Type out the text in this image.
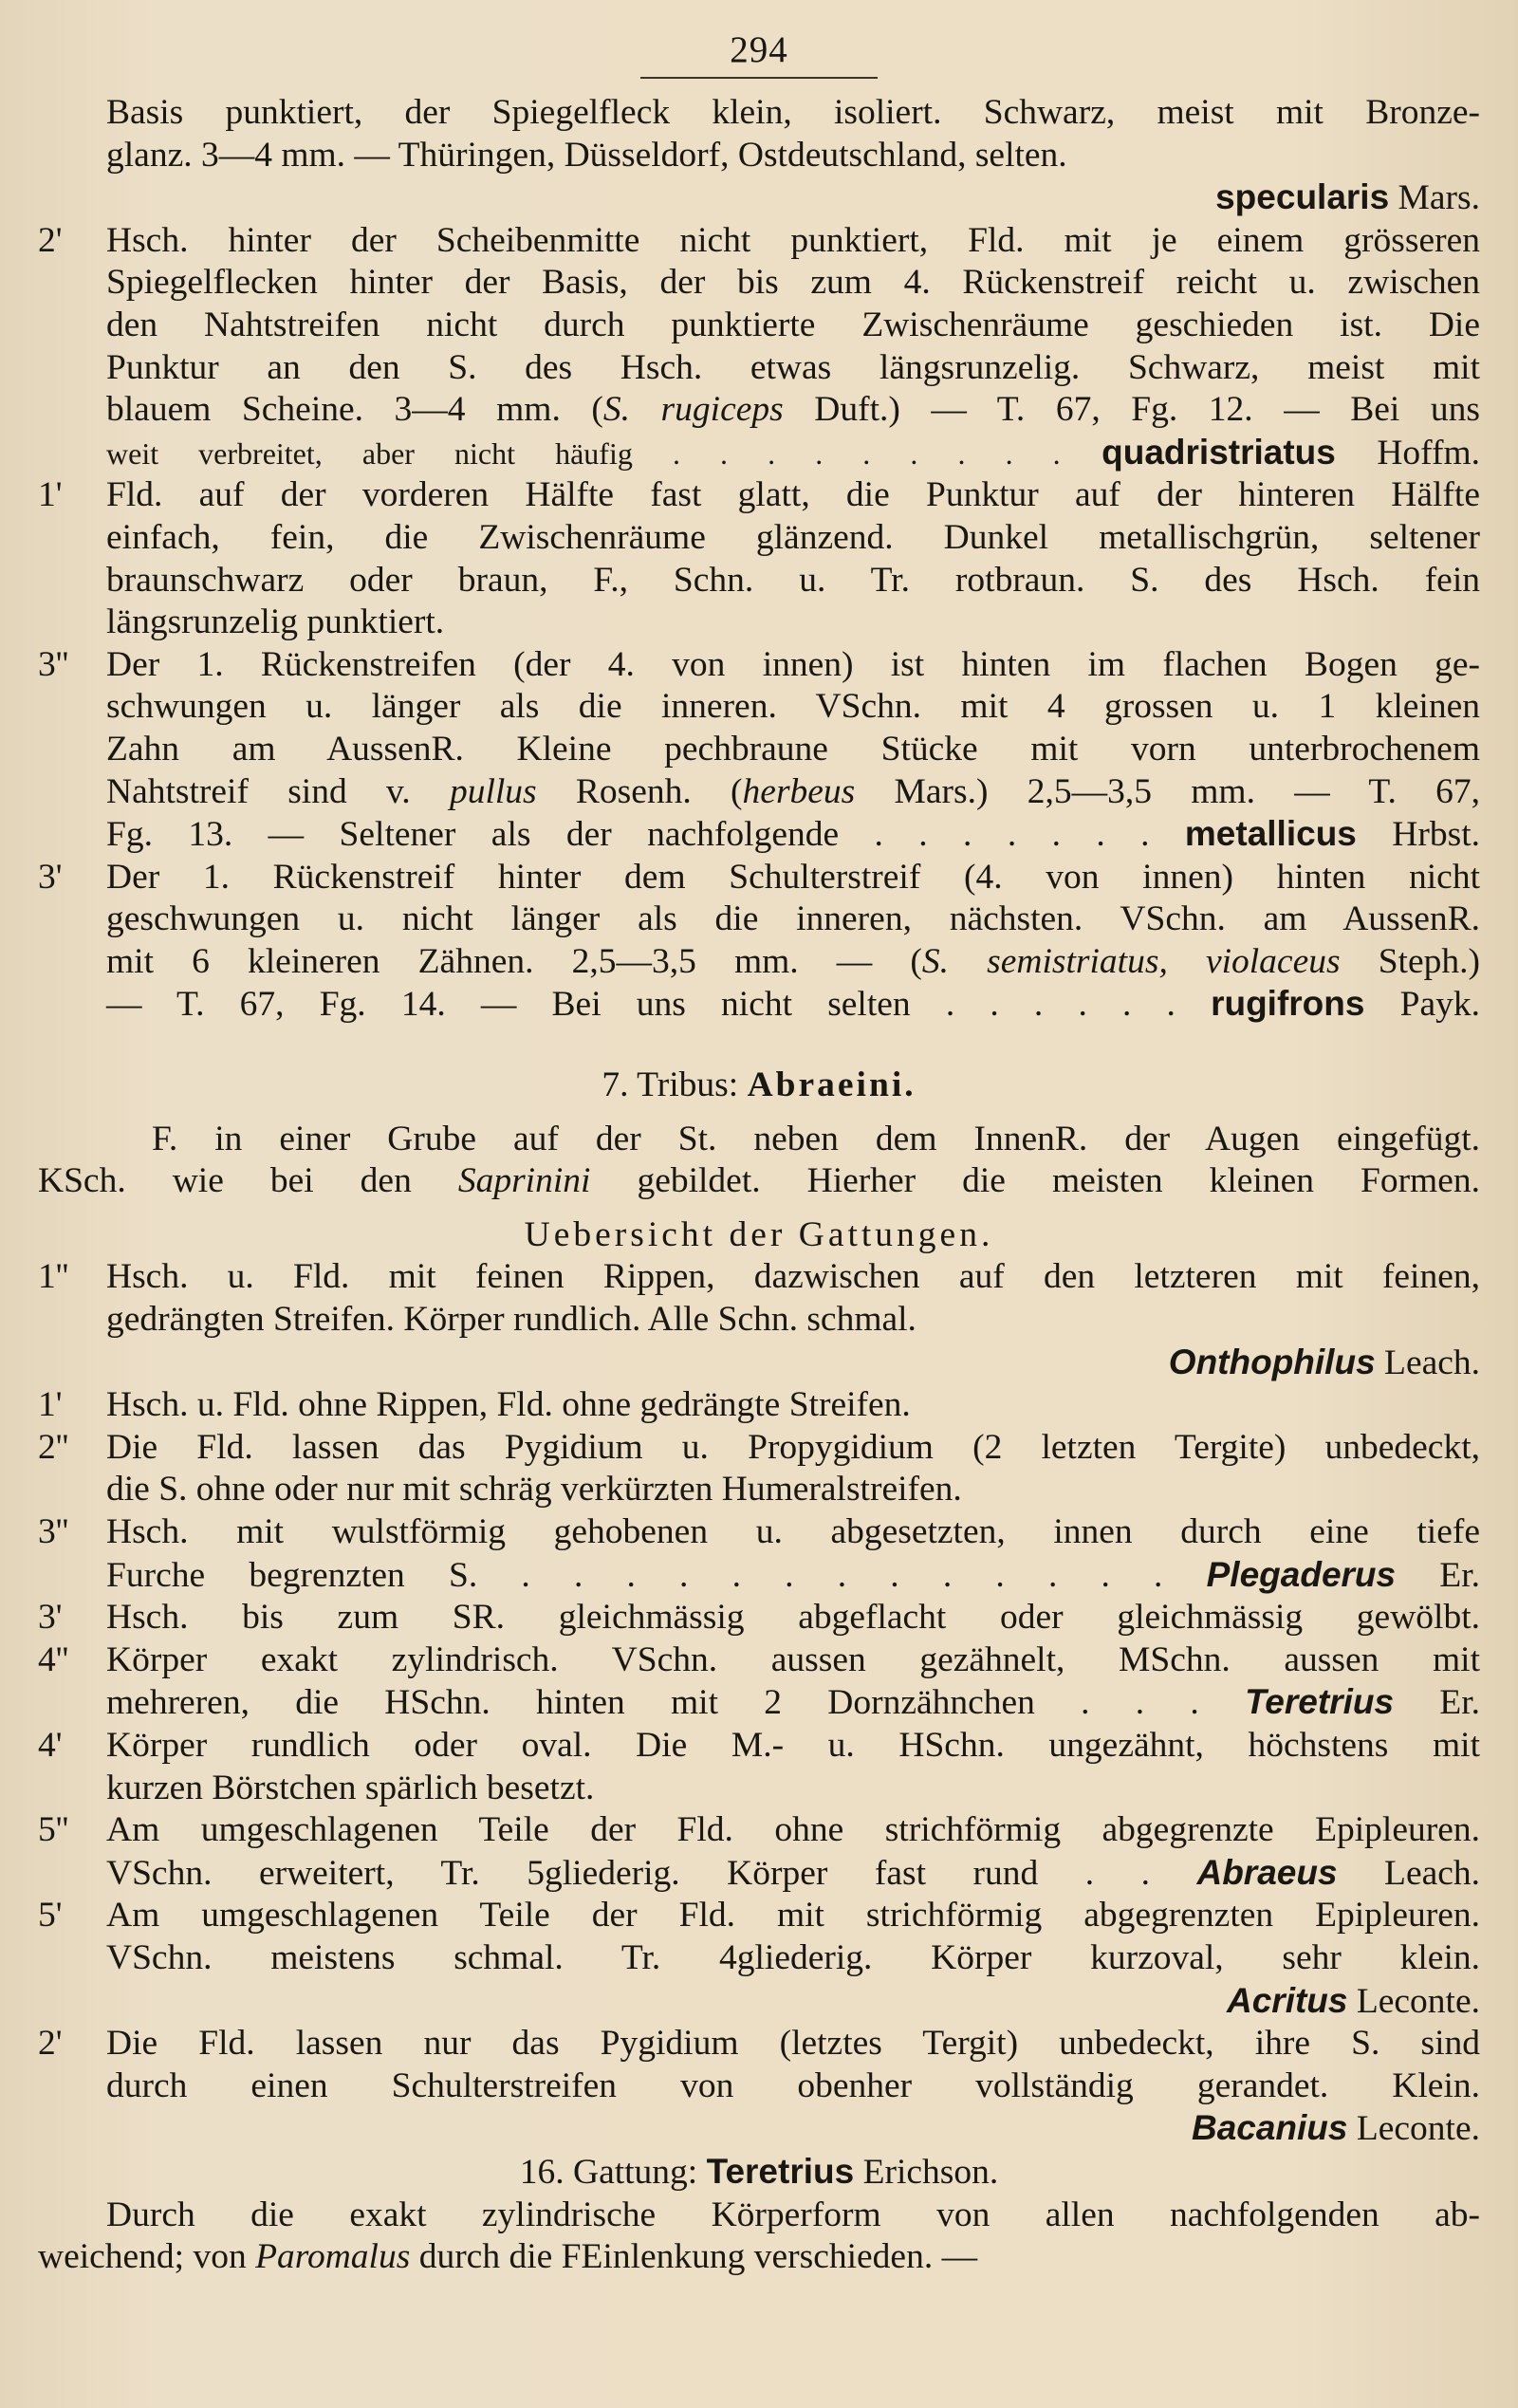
294
Basis punktiert, der Spiegelfleck klein, isoliert. Schwarz, meist mit Bronze-
glanz. 3—4 mm. — Thüringen, Düsseldorf, Ostdeutschland, selten.
specularis Mars.
2' Hsch. hinter der Scheibenmitte nicht punktiert, Fld. mit je einem grösseren
Spiegelflecken hinter der Basis, der bis zum 4. Rückenstreif reicht u. zwischen
den Nahtstreifen nicht durch punktierte Zwischenräume geschieden ist. Die
Punktur an den S. des Hsch. etwas längsrunzelig. Schwarz, meist mit
blauem Scheine. 3—4 mm. (S. rugiceps Duft.) — T. 67, Fg. 12. — Bei uns
weit verbreitet, aber nicht häufig . . . . . . . . . quadristriatus Hoffm.
1' Fld. auf der vorderen Hälfte fast glatt, die Punktur auf der hinteren Hälfte
einfach, fein, die Zwischenräume glänzend. Dunkel metallischgrün, seltener
braunschwarz oder braun, F., Schn. u. Tr. rotbraun. S. des Hsch. fein
längsrunzelig punktiert.
3'' Der 1. Rückenstreifen (der 4. von innen) ist hinten im flachen Bogen ge-
schwungen u. länger als die inneren. VSchn. mit 4 grossen u. 1 kleinen
Zahn am AussenR. Kleine pechbraune Stücke mit vorn unterbrochenem
Nahtstreif sind v. pullus Rosenh. (herbeus Mars.) 2,5—3,5 mm. — T. 67,
Fg. 13. — Seltener als der nachfolgende . . . . . . . metallicus Hrbst.
3' Der 1. Rückenstreif hinter dem Schulterstreif (4. von innen) hinten nicht
geschwungen u. nicht länger als die inneren, nächsten. VSchn. am AussenR.
mit 6 kleineren Zähnen. 2,5—3,5 mm. — (S. semistriatus, violaceus Steph.)
— T. 67, Fg. 14. — Bei uns nicht selten . . . . . . rugifrons Payk.
7. Tribus: Abraeini.
F. in einer Grube auf der St. neben dem InnenR. der Augen eingefügt.
KSch. wie bei den Saprinini gebildet. Hierher die meisten kleinen Formen.
Uebersicht der Gattungen.
1'' Hsch. u. Fld. mit feinen Rippen, dazwischen auf den letzteren mit feinen,
gedrängten Streifen. Körper rundlich. Alle Schn. schmal.
Onthophilus Leach.
1' Hsch. u. Fld. ohne Rippen, Fld. ohne gedrängte Streifen.
2'' Die Fld. lassen das Pygidium u. Propygidium (2 letzten Tergite) unbedeckt,
die S. ohne oder nur mit schräg verkürzten Humeralstreifen.
3'' Hsch. mit wulstförmig gehobenen u. abgesetzten, innen durch eine tiefe
Furche begrenzten S. . . . . . . . . . . . . . Plegaderus Er.
3' Hsch. bis zum SR. gleichmässig abgeflacht oder gleichmässig gewölbt.
4'' Körper exakt zylindrisch. VSchn. aussen gezähnelt, MSchn. aussen mit
mehreren, die HSchn. hinten mit 2 Dornzähnchen . . . Teretrius Er.
4' Körper rundlich oder oval. Die M.- u. HSchn. ungezähnt, höchstens mit
kurzen Börstchen spärlich besetzt.
5'' Am umgeschlagenen Teile der Fld. ohne strichförmig abgegrenzte Epipleuren.
VSchn. erweitert, Tr. 5gliederig. Körper fast rund . . Abraeus Leach.
5' Am umgeschlagenen Teile der Fld. mit strichförmig abgegrenzten Epipleuren.
VSchn. meistens schmal. Tr. 4gliederig. Körper kurzoval, sehr klein.
Acritus Leconte.
2' Die Fld. lassen nur das Pygidium (letztes Tergit) unbedeckt, ihre S. sind
durch einen Schulterstreifen von obenher vollständig gerandet. Klein.
Bacanius Leconte.
16. Gattung: Teretrius Erichson.
Durch die exakt zylindrische Körperform von allen nachfolgenden ab-
weichend; von Paromalus durch die FEinlenkung verschieden. —
